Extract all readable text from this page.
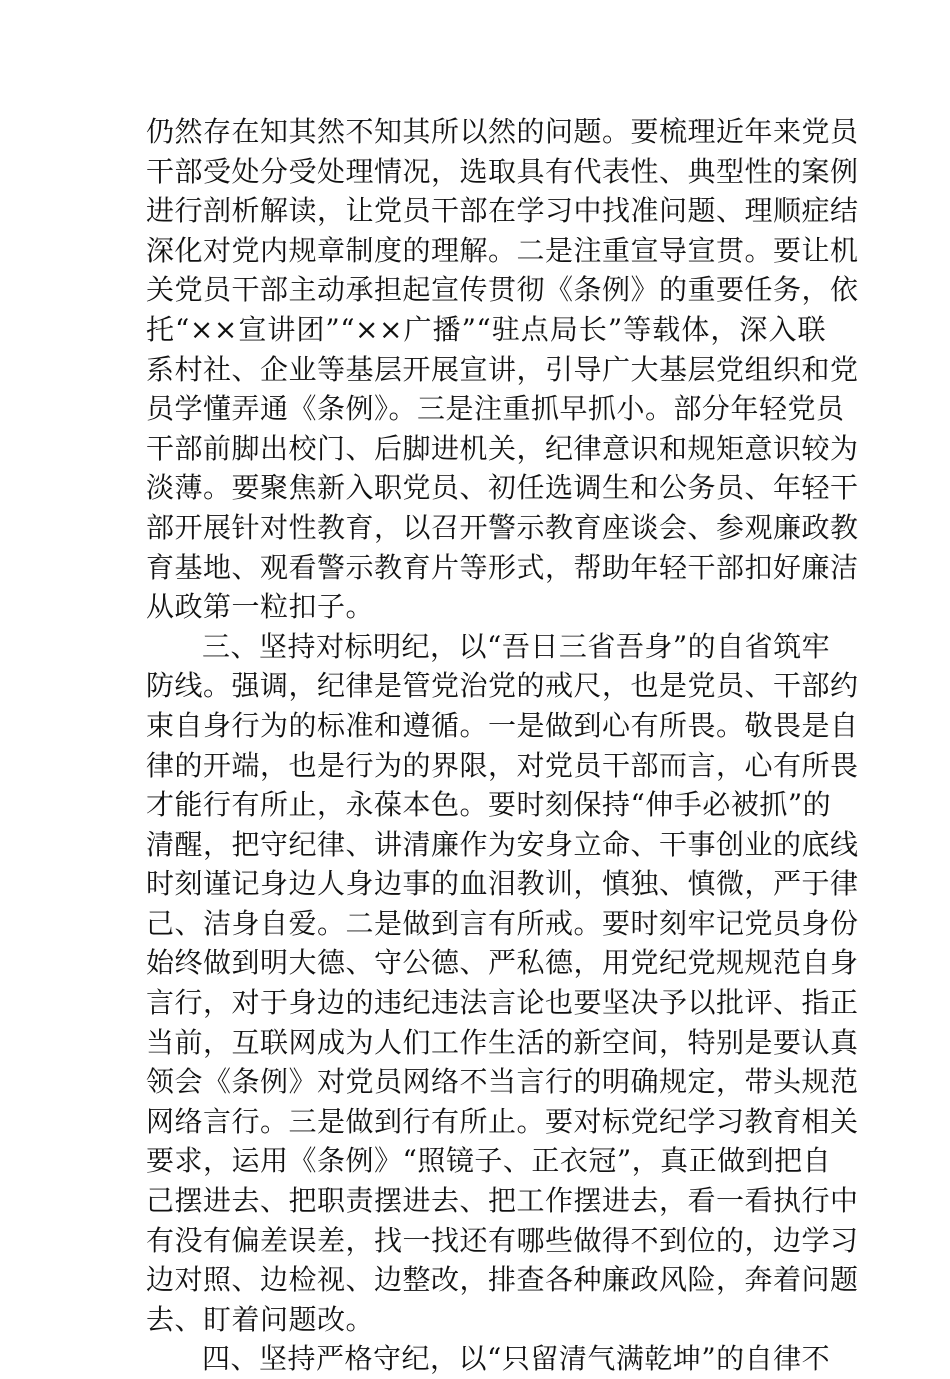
仍然存在知其然不知其所以然的问题。要梳理近年来党员
干部受处分受处理情况，选取具有代表性、典型性的案例
进行剖析解读，让党员干部在学习中找准问题、理顺症结
深化对党内规章制度的理解。二是注重宣导宣贯。要让机
关党员干部主动承担起宣传贯彻《条例》的重要任务，依
托“××宣讲团”“××广播”“驻点局长”等载体，深入联
系村社、企业等基层开展宣讲，引导广大基层党组织和党
员学懂弄通《条例》。三是注重抓早抓小。部分年轻党员
干部前脚出校门、后脚进机关，纪律意识和规矩意识较为
淡薄。要聚焦新入职党员、初任选调生和公务员、年轻干
部开展针对性教育，以召开警示教育座谈会、参观廉政教
育基地、观看警示教育片等形式，帮助年轻干部扣好廉洁
从政第一粒扣子。
三、坚持对标明纪，以“吾日三省吾身”的自省筑牢
防线。强调，纪律是管党治党的戒尺，也是党员、干部约
束自身行为的标准和遵循。一是做到心有所畏。敬畏是自
律的开端，也是行为的界限，对党员干部而言，心有所畏
才能行有所止，永葆本色。要时刻保持“伸手必被抓”的
清醒，把守纪律、讲清廉作为安身立命、干事创业的底线
时刻谨记身边人身边事的血泪教训，慎独、慎微，严于律
己、洁身自爱。二是做到言有所戒。要时刻牢记党员身份
始终做到明大德、守公德、严私德，用党纪党规规范自身
言行，对于身边的违纪违法言论也要坚决予以批评、指正
当前，互联网成为人们工作生活的新空间，特别是要认真
领会《条例》对党员网络不当言行的明确规定，带头规范
网络言行。三是做到行有所止。要对标党纪学习教育相关
要求，运用《条例》“照镜子、正衣冠”，真正做到把自
己摆进去、把职责摆进去、把工作摆进去，看一看执行中
有没有偏差误差，找一找还有哪些做得不到位的，边学习
边对照、边检视、边整改，排查各种廉政风险，奔着问题
去、盯着问题改。
四、坚持严格守纪，以“只留清气满乾坤”的自律不
